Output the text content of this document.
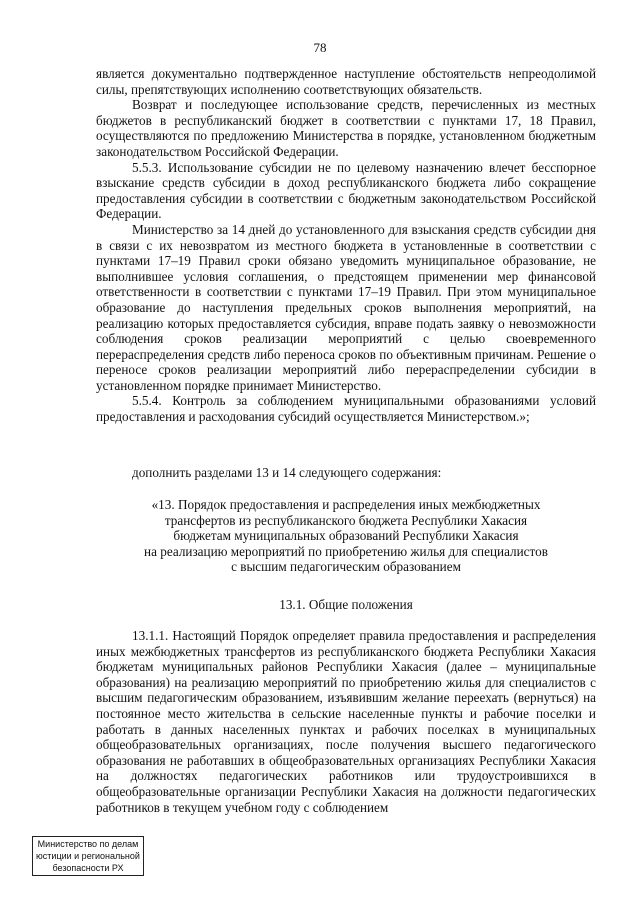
78

является документально подтвержденное наступление обстоятельств непреодолимой силы, препятствующих исполнению соответствующих обязательств.

Возврат и последующее использование средств, перечисленных из местных бюджетов в республиканский бюджет в соответствии с пунктами 17, 18 Правил, осуществляются по предложению Министерства в порядке, установленном бюджетным законодательством Российской Федерации.

5.5.3. Использование субсидии не по целевому назначению влечет бесспорное взыскание средств субсидии в доход республиканского бюджета либо сокращение предоставления субсидии в соответствии с бюджетным законодательством Российской Федерации.

Министерство за 14 дней до установленного для взыскания средств субсидии дня в связи с их невозвратом из местного бюджета в установленные в соответствии с пунктами 17–19 Правил сроки обязано уведомить муниципальное образование, не выполнившее условия соглашения, о предстоящем применении мер финансовой ответственности в соответствии с пунктами 17–19 Правил. При этом муниципальное образование до наступления предельных сроков выполнения мероприятий, на реализацию которых предоставляется субсидия, вправе подать заявку о невозможности соблюдения сроков реализации мероприятий с целью своевременного перераспределения средств либо переноса сроков по объективным причинам. Решение о переносе сроков реализации мероприятий либо перераспределении субсидии в установленном порядке принимает Министерство.

5.5.4. Контроль за соблюдением муниципальными образованиями условий предоставления и расходования субсидий осуществляется Министерством.»;

дополнить разделами 13 и 14 следующего содержания:

«13. Порядок предоставления и распределения иных межбюджетных

трансфертов из республиканского бюджета Республики Хакасия

бюджетам муниципальных образований Республики Хакасия

на реализацию мероприятий по приобретению жилья для специалистов

с высшим педагогическим образованием

13.1. Общие положения

13.1.1. Настоящий Порядок определяет правила предоставления и распределения иных межбюджетных трансфертов из республиканского бюджета Республики Хакасия бюджетам муниципальных районов Республики Хакасия (далее – муниципальные образования) на реализацию мероприятий по приобретению жилья для специалистов с высшим педагогическим образованием, изъявившим желание переехать (вернуться) на постоянное место жительства в сельские населенные пункты и рабочие поселки и работать в данных населенных пунктах и рабочих поселках в муниципальных общеобразовательных организациях, после получения высшего педагогического образования не работавших в общеобразовательных организациях Республики Хакасия на должностях педагогических работников или трудоустроившихся в общеобразовательные организации Республики Хакасия на должности педагогических работников в текущем учебном году с соблюдением

Министерство по делам
юстиции и региональной
безопасности РХ
